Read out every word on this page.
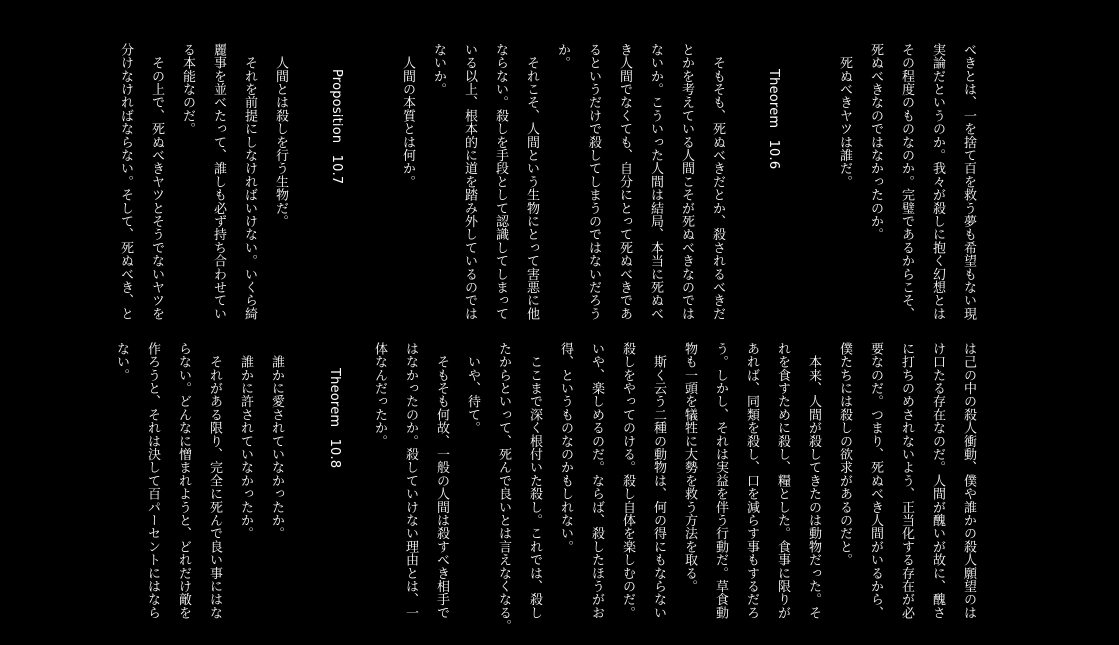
べきとは、一を捨て百を救う夢も希望もない現
実論だというのか。我々が殺しに抱く幻想とは
その程度のものなのか。完璧であるからこそ、
死ぬべきなのではなかったのか。
　死ぬべきヤツは誰だ。
Theorem 10.6
　そもそも、死ぬべきだとか、殺されるべきだ
とかを考えている人間こそが死ぬべきなのでは
ないか。こういった人間は結局、本当に死ぬべ
き人間でなくても、自分にとって死ぬべきであ
るというだけで殺してしまうのではないだろう
か。
　それこそ、人間という生物にとって害悪に他
ならない。殺しを手段として認識してしまって
いる以上、根本的に道を踏み外しているのでは
ないか。
　人間の本質とは何か。
Proposition 10.7
　人間とは殺しを行う生物だ。
　それを前提にしなければいけない。いくら綺
麗事を並べたって、誰しも必ず持ち合わせてい
る本能なのだ。
　その上で、死ぬべきヤツとそうでないヤツを
分けなければならない。そして、死ぬべき、と
は己の中の殺人衝動、僕や誰かの殺人願望のは
け口たる存在なのだ。人間が醜いが故に、醜さ
に打ちのめされないよう、正当化する存在が必
要なのだ。つまり、死ぬべき人間がいるから、
僕たちには殺しの欲求があるのだと。
　本来、人間が殺してきたのは動物だった。そ
れを食すために殺し、糧とした。食事に限りが
あれば、同類を殺し、口を減らす事もするだろ
う。しかし、それは実益を伴う行動だ。草食動
物も一頭を犠牲に大勢を救う方法を取る。
　斯く云う二種の動物は、何の得にもならない
殺しをやってのける。殺し自体を楽しむのだ。
いや、楽しめるのだ。ならば、殺したほうがお
得、というものなのかもしれない。
　ここまで深く根付いた殺し。これでは、殺し
たからといって、死んで良いとは言えなくなる。
　いや、待て。
　そもそも何故、一般の人間は殺すべき相手で
はなかったのか。殺していけない理由とは、一
体なんだったか。
Theorem 10.8
　誰かに愛されていなかったか。
　誰かに許されていなかったか。
　それがある限り、完全に死んで良い事にはな
らない。どんなに憎まれようと、どれだけ敵を
作ろうと、それは決して百パーセントにはなら
ない。
